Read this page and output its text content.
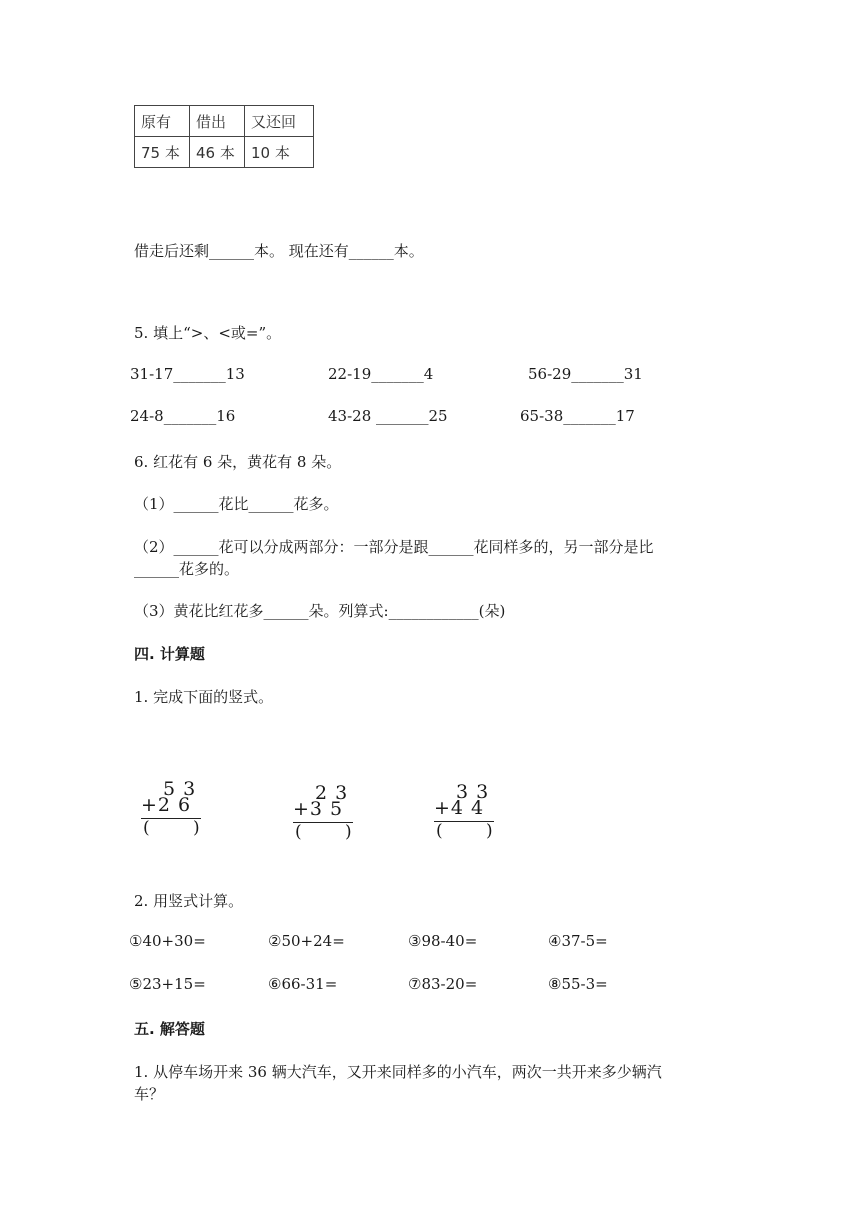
原有	借出	又还回
75 本	46 本	10 本
借走后还剩______本。 现在还有______本。
5. 填上“>、<或=”。
31-17_______13	22-19_______4	56-29_______31
24-8_______16	43-28 _______25	65-38_______17
6. 红花有 6 朵，黄花有 8 朵。
（1）______花比______花多。
（2）______花可以分成两部分：一部分是跟______花同样多的，另一部分是比
______花多的。
（3）黄花比红花多______朵。列算式:____________(朵)
四. 计算题
1. 完成下面的竖式。
5 3
+2 6
(	)
2 3
+3 5
(	)
3 3
+4 4
(	)
2. 用竖式计算。
①40+30=	②50+24=	③98-40=	④37-5=
⑤23+15=	⑥66-31=	⑦83-20=	⑧55-3=
五. 解答题
1. 从停车场开来 36 辆大汽车，又开来同样多的小汽车，两次一共开来多少辆汽
车？
